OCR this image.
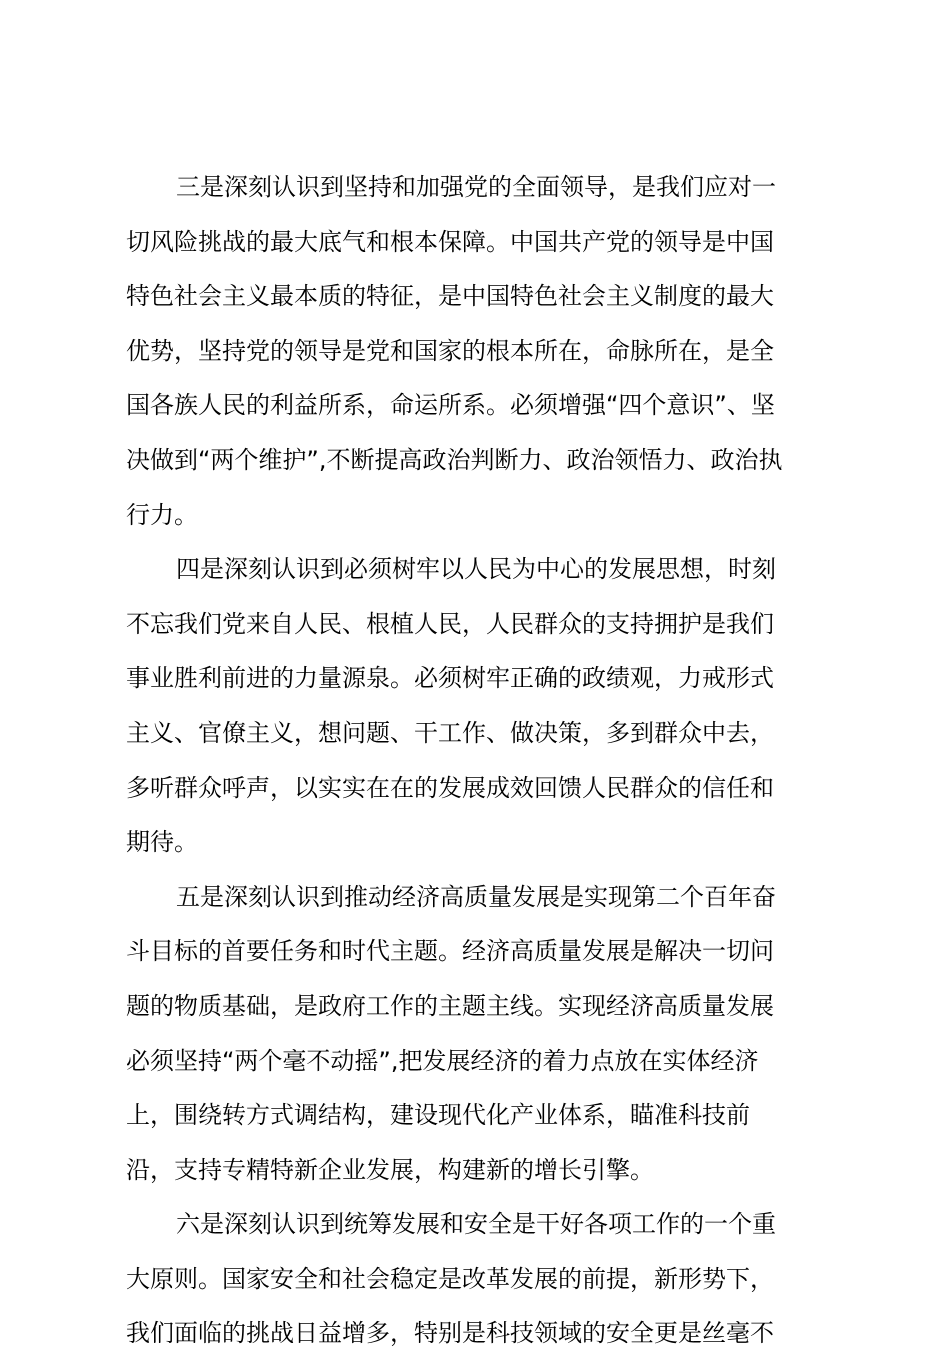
三是深刻认识到坚持和加强党的全面领导，是我们应对一
切风险挑战的最大底气和根本保障。中国共产党的领导是中国
特色社会主义最本质的特征，是中国特色社会主义制度的最大
优势，坚持党的领导是党和国家的根本所在，命脉所在，是全
国各族人民的利益所系，命运所系。必须增强“四个意识”、坚
决做到“两个维护”,不断提高政治判断力、政治领悟力、政治执
行力。
四是深刻认识到必须树牢以人民为中心的发展思想，时刻
不忘我们党来自人民、根植人民，人民群众的支持拥护是我们
事业胜利前进的力量源泉。必须树牢正确的政绩观，力戒形式
主义、官僚主义，想问题、干工作、做决策，多到群众中去，
多听群众呼声，以实实在在的发展成效回馈人民群众的信任和
期待。
五是深刻认识到推动经济高质量发展是实现第二个百年奋
斗目标的首要任务和时代主题。经济高质量发展是解决一切问
题的物质基础，是政府工作的主题主线。实现经济高质量发展
必须坚持“两个毫不动摇”,把发展经济的着力点放在实体经济
上，围绕转方式调结构，建设现代化产业体系，瞄准科技前
沿，支持专精特新企业发展，构建新的增长引擎。
六是深刻认识到统筹发展和安全是干好各项工作的一个重
大原则。国家安全和社会稳定是改革发展的前提，新形势下，
我们面临的挑战日益增多，特别是科技领域的安全更是丝毫不
